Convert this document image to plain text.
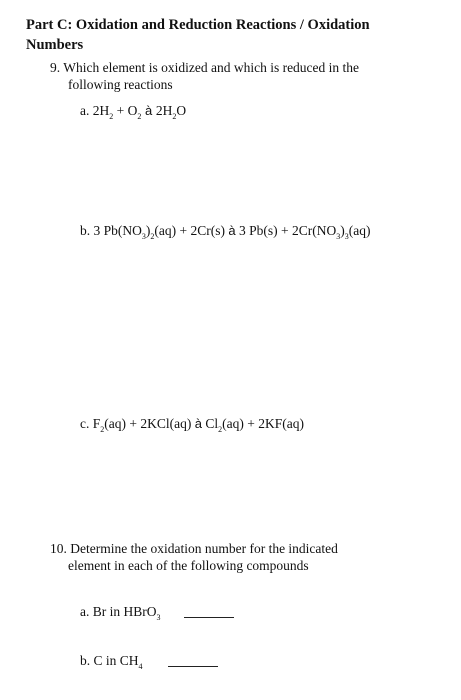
Part C: Oxidation and Reduction Reactions / Oxidation
Numbers
9. Which element is oxidized and which is reduced in the
following reactions
a. $2H_2 + O_2$ à $2H_2O$
b. 3 $Pb(NO_3)_2(aq) + 2Cr(s)$ à 3 $Pb(s) + 2Cr(NO_3)_3(aq)$
c. $F_2(aq) + 2KCl(aq)$ à $Cl_2(aq) + 2KF(aq)$
10. Determine the oxidation number for the indicated
element in each of the following compounds
a. Br in HBrO$_3$
b. C in $CH_4$
